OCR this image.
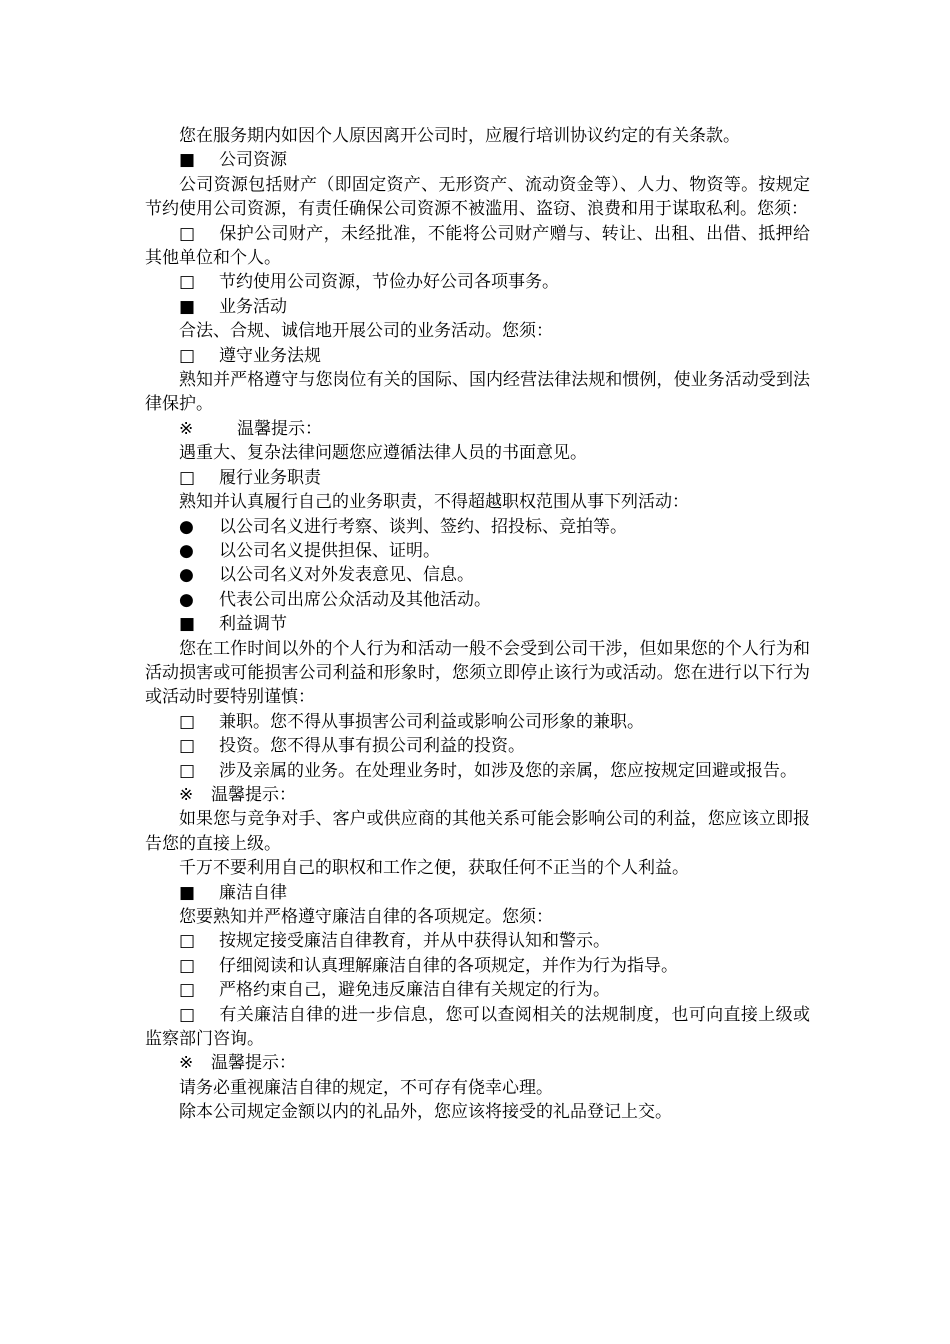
您在服务期内如因个人原因离开公司时，应履行培训协议约定的有关条款。

■ 公司资源

公司资源包括财产（即固定资产、无形资产、流动资金等）、人力、物资等。按规定节约使用公司资源，有责任确保公司资源不被滥用、盗窃、浪费和用于谋取私利。您须：

□ 保护公司财产，未经批准，不能将公司财产赠与、转让、出租、出借、抵押给其他单位和个人。

□ 节约使用公司资源，节俭办好公司各项事务。

■ 业务活动

合法、合规、诚信地开展公司的业务活动。您须：

□ 遵守业务法规

熟知并严格遵守与您岗位有关的国际、国内经营法律法规和惯例，使业务活动受到法律保护。

※	温馨提示：

遇重大、复杂法律问题您应遵循法律人员的书面意见。

□ 履行业务职责

熟知并认真履行自己的业务职责，不得超越职权范围从事下列活动：

● 以公司名义进行考察、谈判、签约、招投标、竞拍等。

● 以公司名义提供担保、证明。

● 以公司名义对外发表意见、信息。

● 代表公司出席公众活动及其他活动。

■ 利益调节

您在工作时间以外的个人行为和活动一般不会受到公司干涉，但如果您的个人行为和活动损害或可能损害公司利益和形象时，您须立即停止该行为或活动。您在进行以下行为或活动时要特别谨慎：

□ 兼职。您不得从事损害公司利益或影响公司形象的兼职。

□ 投资。您不得从事有损公司利益的投资。

□ 涉及亲属的业务。在处理业务时，如涉及您的亲属，您应按规定回避或报告。

※ 温馨提示：

如果您与竞争对手、客户或供应商的其他关系可能会影响公司的利益，您应该立即报告您的直接上级。

千万不要利用自己的职权和工作之便，获取任何不正当的个人利益。

■ 廉洁自律

您要熟知并严格遵守廉洁自律的各项规定。您须：

□ 按规定接受廉洁自律教育，并从中获得认知和警示。

□ 仔细阅读和认真理解廉洁自律的各项规定，并作为行为指导。

□ 严格约束自己，避免违反廉洁自律有关规定的行为。

□ 有关廉洁自律的进一步信息，您可以查阅相关的法规制度，也可向直接上级或监察部门咨询。

※ 温馨提示：

请务必重视廉洁自律的规定，不可存有侥幸心理。

除本公司规定金额以内的礼品外，您应该将接受的礼品登记上交。
